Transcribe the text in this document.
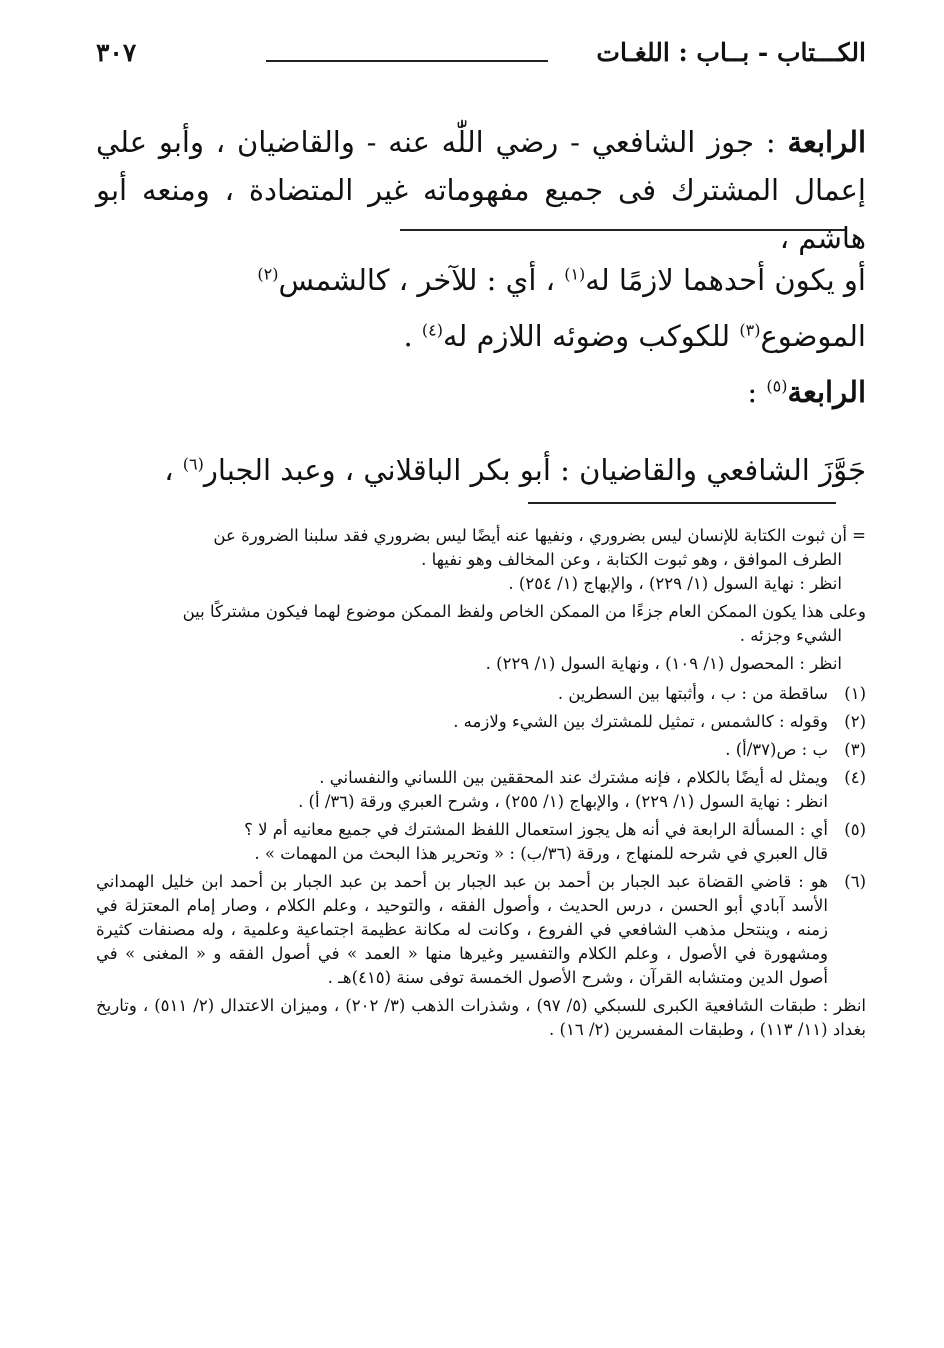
الكـــتاب - بــاب : اللغـات
٣٠٧
الرابعة : جوز الشافعي - رضي اللّٰه عنه - والقاضيان ، وأبو علي إعمال المشترك فى جميع مفهوماته غير المتضادة ، ومنعه أبو هاشم ،
أو يكون أحدهما لازمًا له$^{(١)}$ ، أي : للآخر ، كالشمس$^{(٢)}$
الموضوع$^{(٣)}$ للكوكب وضوئه اللازم له$^{(٤)}$ .
الرابعة$^{(٥)}$ :
جَوَّزَ الشافعي والقاضيان : أبو بكر الباقلاني ، وعبد الجبار$^{(٦)}$ ،
= أن ثبوت الكتابة للإنسان ليس بضروري ، ونفيها عنه أيضًا ليس بضروري فقد سلبنا الضرورة عن
الطرف الموافق ، وهو ثبوت الكتابة ، وعن المخالف وهو نفيها .
انظر : نهاية السول (١/ ٢٢٩) ، والإبهاج (١/ ٢٥٤) .
وعلى هذا يكون الممكن العام جزءًا من الممكن الخاص ولفظ الممكن موضوع لهما فيكون مشتركًا بين
الشيء وجزئه .
انظر : المحصول (١/ ١٠٩) ، ونهاية السول (١/ ٢٢٩) .
(١)
ساقطة من : ب ، وأثبتها بين السطرين .
(٢)
وقوله : كالشمس ، تمثيل للمشترك بين الشيء ولازمه .
(٣)
ب : ص(٣٧/أ) .
(٤)
ويمثل له أيضًا بالكلام ، فإنه مشترك عند المحققين بين اللساني والنفساني .
انظر : نهاية السول (١/ ٢٢٩) ، والإبهاج (١/ ٢٥٥) ، وشرح العبري ورقة (٣٦/ أ) .
(٥)
أي : المسألة الرابعة في أنه هل يجوز استعمال اللفظ المشترك في جميع معانيه أم لا ؟
قال العبري في شرحه للمنهاج ، ورقة (٣٦/ب) : « وتحرير هذا البحث من المهمات » .
(٦)
هو : قاضي القضاة عبد الجبار بن أحمد بن عبد الجبار بن أحمد بن عبد الجبار بن أحمد ابن خليل الهمداني الأسد آبادي أبو الحسن ، درس الحديث ، وأصول الفقه ، والتوحيد ، وعلم الكلام ، وصار إمام المعتزلة في زمنه ، وينتحل مذهب الشافعي في الفروع ، وكانت له مكانة عظيمة اجتماعية وعلمية ، وله مصنفات كثيرة ومشهورة في الأصول ، وعلم الكلام والتفسير وغيرها منها « العمد » في أصول الفقه و « المغنى » في أصول الدين ومتشابه القرآن ، وشرح الأصول الخمسة توفى سنة (٤١٥)هـ .
انظر : طبقات الشافعية الكبرى للسبكي (٥/ ٩٧) ، وشذرات الذهب (٣/ ٢٠٢) ، وميزان الاعتدال (٢/ ٥١١) ، وتاريخ بغداد (١١/ ١١٣) ، وطبقات المفسرين (٢/ ١٦) .
